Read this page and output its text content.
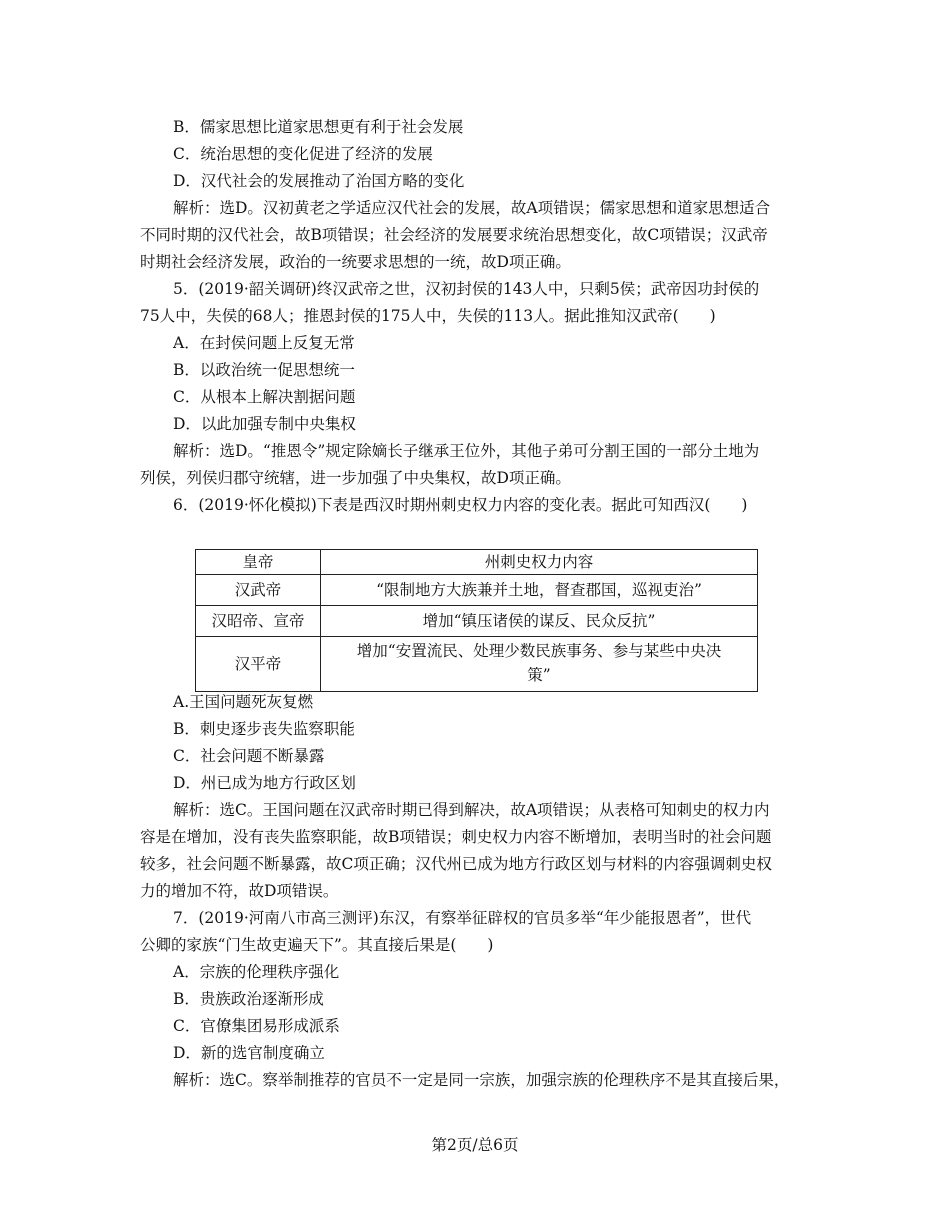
B．儒家思想比道家思想更有利于社会发展
C．统治思想的变化促进了经济的发展
D．汉代社会的发展推动了治国方略的变化
解析：选D。汉初黄老之学适应汉代社会的发展，故A项错误；儒家思想和道家思想适合
不同时期的汉代社会，故B项错误；社会经济的发展要求统治思想变化，故C项错误；汉武帝
时期社会经济发展，政治的一统要求思想的一统，故D项正确。
5．(2019·韶关调研)终汉武帝之世，汉初封侯的143人中，只剩5侯；武帝因功封侯的
75人中，失侯的68人；推恩封侯的175人中，失侯的113人。据此推知汉武帝(　　)
A．在封侯问题上反复无常
B．以政治统一促思想统一
C．从根本上解决割据问题
D．以此加强专制中央集权
解析：选D。“推恩令”规定除嫡长子继承王位外，其他子弟可分割王国的一部分土地为
列侯，列侯归郡守统辖，进一步加强了中央集权，故D项正确。
6．(2019·怀化模拟)下表是西汉时期州刺史权力内容的变化表。据此可知西汉(　　)
皇帝	州刺史权力内容
汉武帝	“限制地方大族兼并土地，督查郡国，巡视吏治”
汉昭帝、宣帝	增加“镇压诸侯的谋反、民众反抗”
汉平帝	增加“安置流民、处理少数民族事务、参与某些中央决
策”
A.王国问题死灰复燃
B．刺史逐步丧失监察职能
C．社会问题不断暴露
D．州已成为地方行政区划
解析：选C。王国问题在汉武帝时期已得到解决，故A项错误；从表格可知刺史的权力内
容是在增加，没有丧失监察职能，故B项错误；刺史权力内容不断增加，表明当时的社会问题
较多，社会问题不断暴露，故C项正确；汉代州已成为地方行政区划与材料的内容强调刺史权
力的增加不符，故D项错误。
7．(2019·河南八市高三测评)东汉，有察举征辟权的官员多举“年少能报恩者”，世代
公卿的家族“门生故吏遍天下”。其直接后果是(　　)
A．宗族的伦理秩序强化
B．贵族政治逐渐形成
C．官僚集团易形成派系
D．新的选官制度确立
解析：选C。察举制推荐的官员不一定是同一宗族，加强宗族的伦理秩序不是其直接后果，
第2页/总6页
